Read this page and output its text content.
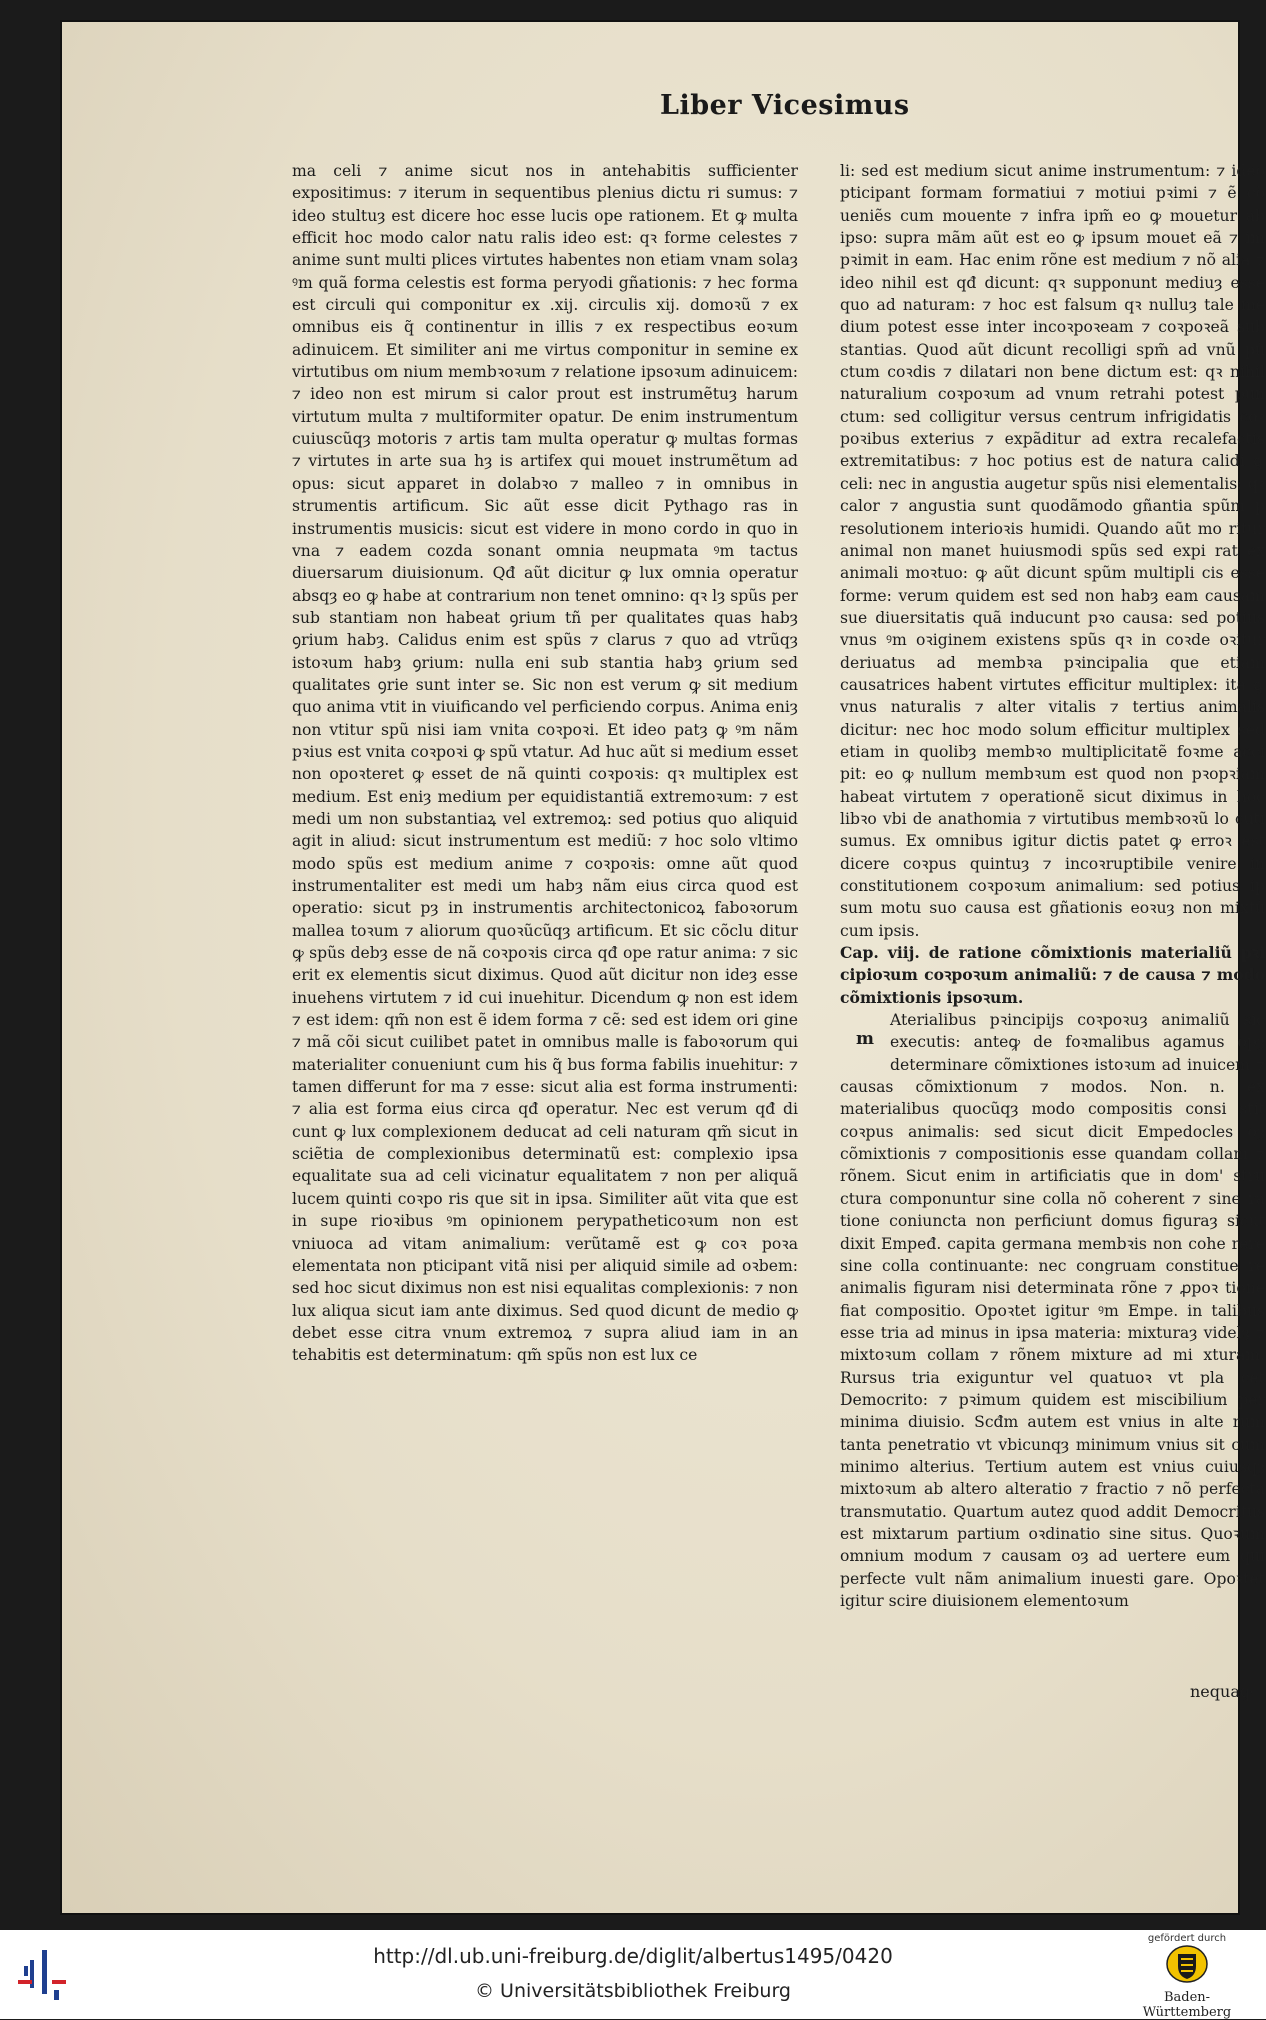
Liber Vicesimus

ma celi ⁊ anime sicut nos in antehabitis sufficienter expositimus: ⁊ iterum in sequentibus plenius dictu ri sumus: ⁊ ideo stultuȝ est dicere hoc esse lucis ope rationem. Et ꝙ multa efficit hoc modo calor natu ralis ideo est: qꝛ forme celestes ⁊ anime sunt multi plices virtutes habentes non etiam vnam solaȝ ꝰm quã forma celestis est forma peryodi gñationis: ⁊ hec forma est circuli qui componitur ex .xij. circulis xij. domoꝛũ ⁊ ex omnibus eis q̃ continentur in illis ⁊ ex respectibus eoꝛum adinuicem. Et similiter ani me virtus componitur in semine ex virtutibus om nium membꝛoꝛum ⁊ relatione ipsoꝛum adinuicem: ⁊ ideo non est mirum si calor prout est instrumẽtuȝ harum virtutum multa ⁊ multiformiter opatur. De enim instrumentum cuiuscũqȝ motoris ⁊ artis tam multa operatur ꝙ multas formas ⁊ virtutes in arte sua hȝ is artifex qui mouet instrumẽtum ad opus: sicut apparet in dolabꝛo ⁊ malleo ⁊ in omnibus in strumentis artificum. Sic aũt esse dicit Pythago ras in instrumentis musicis: sicut est videre in mono cordo in quo in vna ⁊ eadem cozda sonant omnia neupmata ꝰm tactus diuersarum diuisionum. Qđ aũt dicitur ꝙ lux omnia operatur absqȝ eo ꝙ habe at contrarium non tenet omnino: qꝛ lȝ spũs per sub stantiam non habeat ꝯrium tñ per qualitates quas habȝ ꝯrium habȝ. Calidus enim est spũs ⁊ clarus ⁊ quo ad vtrũqȝ istoꝛum habȝ ꝯrium: nulla eni sub stantia habȝ ꝯrium sed qualitates ꝯrie sunt inter se. Sic non est verum ꝙ sit medium quo anima vtit in viuificando vel perficiendo corpus. Anima eniȝ non vtitur spũ nisi iam vnita coꝛpoꝛi. Et ideo patȝ ꝙ ꝰm nãm pꝛius est vnita coꝛpoꝛi ꝙ spũ vtatur. Ad huc aũt si medium esset non opoꝛteret ꝙ esset de nã quinti coꝛpoꝛis: qꝛ multiplex est medium. Est eniȝ medium per equidistantiã extremoꝛum: ⁊ est medi um non substantiaꝝ vel extremoꝝ: sed potius quo aliquid agit in aliud: sicut instrumentum est mediũ: ⁊ hoc solo vltimo modo spũs est medium anime ⁊ coꝛpoꝛis: omne aũt quod instrumentaliter est medi um habȝ nãm eius circa quod est operatio: sicut pȝ in instrumentis architectonicoꝝ faboꝛorum mallea toꝛum ⁊ aliorum quoꝛũcũqȝ artificum. Et sic cõclu ditur ꝙ spũs debȝ esse de nã coꝛpoꝛis circa qđ ope ratur anima: ⁊ sic erit ex elementis sicut diximus. Quod aũt dicitur non ideȝ esse inuehens virtutem ⁊ id cui inuehitur. Dicendum ꝙ non est idem ⁊ est idem: qm̃ non est ẽ idem forma ⁊ cẽ: sed est idem ori gine ⁊ mã cõi sicut cuilibet patet in omnibus malle is faboꝛorum qui materialiter conueniunt cum his q̃ bus forma fabilis inuehitur: ⁊ tamen differunt for ma ⁊ esse: sicut alia est forma instrumenti: ⁊ alia est forma eius circa qđ operatur. Nec est verum qđ di cunt ꝙ lux complexionem deducat ad celi naturam qm̃ sicut in sciẽtia de complexionibus determinatũ est: complexio ipsa equalitate sua ad celi vicinatur equalitatem ⁊ non per aliquã lucem quinti coꝛpo ris que sit in ipsa. Similiter aũt vita que est in supe rioꝛibus ꝰm opinionem perypatheticoꝛum non est vniuoca ad vitam animalium: verũtamẽ est ꝙ coꝛ poꝛa elementata non pticipant vitã nisi per aliquid simile ad oꝛbem: sed hoc sicut diximus non est nisi equalitas complexionis: ⁊ non lux aliqua sicut iam ante diximus. Sed quod dicunt de medio ꝙ debet esse citra vnum extremoꝝ ⁊ supra aliud iam in an tehabitis est determinatum: qm̃ spũs non est lux ce

li: sed est medium sicut anime instrumentum: ⁊ ideo pticipant formam formatiui ⁊ motiui pꝛimi ⁊ ẽ cõ ueniẽs cum mouente ⁊ infra ipm̃ eo ꝙ mouetur ab ipso: supra mãm aũt est eo ꝙ ipsum mouet eã ⁊ im pꝛimit in eam. Hac enim rõne est medium ⁊ nõ alia ⁊ ideo nihil est qđ dicunt: qꝛ supponunt mediuȝ esse quo ad naturam: ⁊ hoc est falsum qꝛ nulluȝ tale me dium potest esse inter incoꝛpoꝛeam ⁊ coꝛpoꝛeã sub stantias. Quod aũt dicunt recolligi spm̃ ad vnũ pũ ctum coꝛdis ⁊ dilatari non bene dictum est: qꝛ nihil naturalium coꝛpoꝛum ad vnum retrahi potest pun ctum: sed colligitur versus centrum infrigidatis coꝛ poꝛibus exterius ⁊ expãditur ad extra recalefactis extremitatibus: ⁊ hoc potius est de natura calidi ꝙ celi: nec in angustia augetur spũs nisi elementalis: qꝛ calor ⁊ angustia sunt quodãmodo gñantia spũm p resolutionem interioꝛis humidi. Quando aũt mo ritur animal non manet huiusmodi spũs sed expi rat ex animali moꝛtuo: ꝙ aũt dicunt spũm multipli cis esse forme: verum quidem est sed non habȝ eam causam sue diuersitatis quã inducunt pꝛo causa: sed potius vnus ꝰm oꝛiginem existens spũs qꝛ in coꝛde oꝛitur deriuatus ad membꝛa pꝛincipalia que etiam causatrices habent virtutes efficitur multiplex: ita ꝙ vnus naturalis ⁊ alter vitalis ⁊ tertius animalis dicitur: nec hoc modo solum efficitur multiplex sed etiam in quolibȝ membꝛo multiplicitatẽ foꝛme acci pit: eo ꝙ nullum membꝛum est quod non pꝛopꝛiam habeat virtutem ⁊ operationẽ sicut diximus in hoc libꝛo vbi de anathomia ⁊ virtutibus membꝛoꝛũ lo cuti sumus. Ex omnibus igitur dictis patet ꝙ erroꝛ est dicere coꝛpus quintuȝ ⁊ incoꝛruptibile venire in constitutionem coꝛpoꝛum animalium: sed potius ip sum motu suo causa est gñationis eoꝛuȝ non mixtũ cum ipsis.

Cap. viij. de ratione cõmixtionis materialiũ pꝛi cipioꝛum coꝛpoꝛum animaliũ: ⁊ de causa ⁊ modo cõmixtionis ipsoꝛum.

m

Aterialibus pꝛincipijs coꝛpoꝛuȝ animaliũ sic executis: anteꝙ de foꝛmalibus agamus opȝ determinare cõmixtiones istoꝛum ad inuicem ⁊ causas cõmixtionum ⁊ modos. Non. n. ex materialibus quocũqȝ modo compositis consi stit coꝛpus animalis: sed sicut dicit Empedocles oȝ cõmixtionis ⁊ compositionis esse quandam collam ⁊ rõnem. Sicut enim in artificiatis que in dom' stru ctura componuntur sine colla nõ coherent ⁊ sine ra tione coniuncta non perficiunt domus figuraȝ sicut dixit Empeđ. capita germana membꝛis non cohe rere sine colla continuante: nec congruam constitue re animalis figuram nisi determinata rõne ⁊ ꝓpoꝛ tione fiat compositio. Opoꝛtet igitur ꝰm Empe. in talibus esse tria ad minus in ipsa materia: mixturaȝ videlȝ ⁊ mixtoꝛum collam ⁊ rõnem mixture ad mi xturam. Rursus tria exiguntur vel quatuoꝛ vt pla cet Democrito: ⁊ pꝛimum quidem est miscibilium per minima diuisio. Scđm autem est vnius in alte rum tanta penetratio vt vbicunqȝ minimum vnius sit cum minimo alterius. Tertium autem est vnius cuiusqȝ mixtoꝛum ab altero alteratio ⁊ fractio ⁊ nõ perfecta transmutatio. Quartum autez quod addit Democritus est mixtarum partium oꝛdinatio sine situs. Quoꝛum omnium modum ⁊ causam oȝ ad uertere eum qui perfecte vult nãm animalium inuesti gare. Opoꝛtet igitur scire diuisionem elementoꝛum

nequaꝙ
http://dl.ub.uni-freiburg.de/diglit/albertus1495/0420
© Universitätsbibliothek Freiburg
gefördert durch
Baden-Württemberg
